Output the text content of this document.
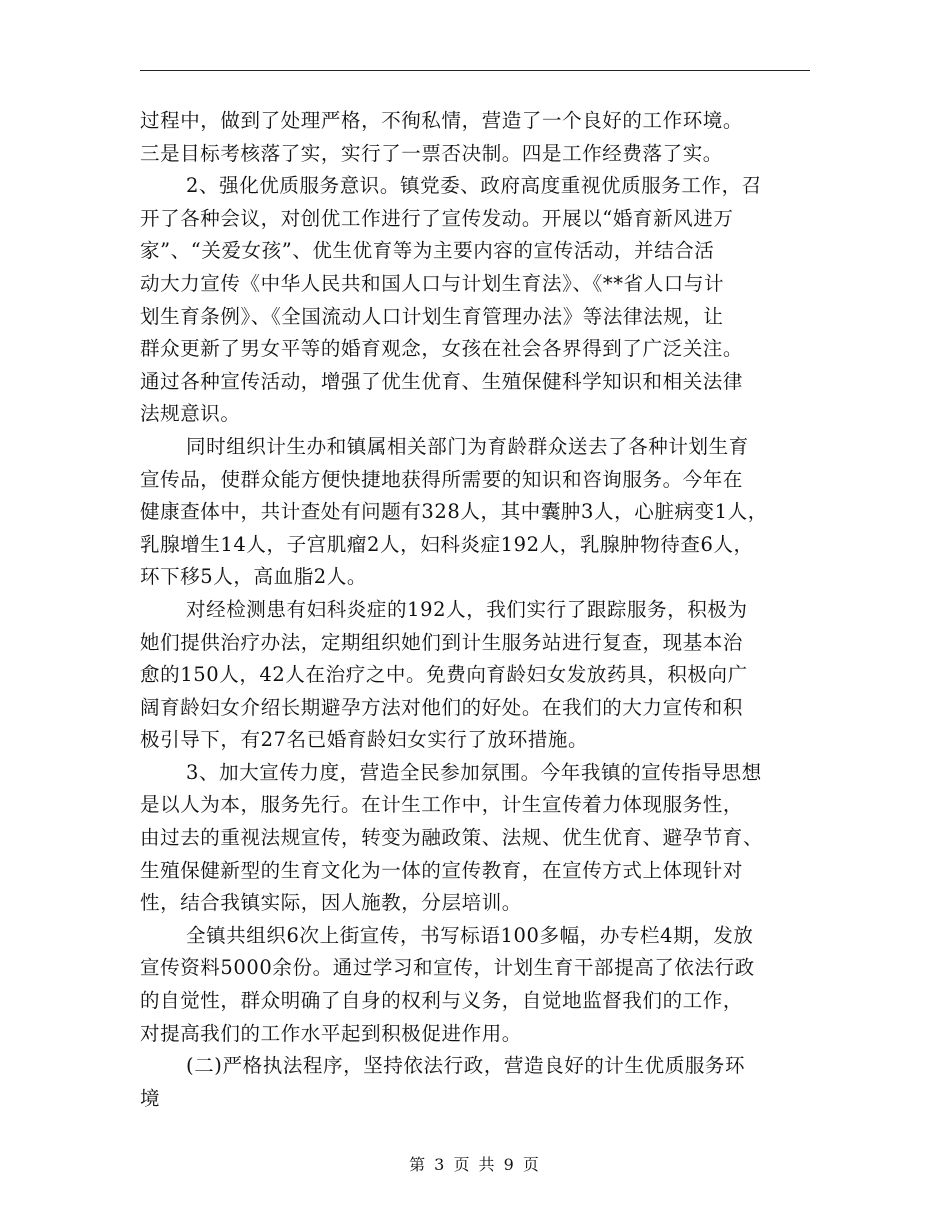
过程中，做到了处理严格，不徇私情，营造了一个良好的工作环境。
三是目标考核落了实，实行了一票否决制。四是工作经费落了实。
2、强化优质服务意识。镇党委、政府高度重视优质服务工作，召
开了各种会议，对创优工作进行了宣传发动。开展以“婚育新风进万
家”、“关爱女孩”、优生优育等为主要内容的宣传活动，并结合活
动大力宣传《中华人民共和国人口与计划生育法》、《**省人口与计
划生育条例》、《全国流动人口计划生育管理办法》等法律法规，让
群众更新了男女平等的婚育观念，女孩在社会各界得到了广泛关注。
通过各种宣传活动，增强了优生优育、生殖保健科学知识和相关法律
法规意识。
同时组织计生办和镇属相关部门为育龄群众送去了各种计划生育
宣传品，使群众能方便快捷地获得所需要的知识和咨询服务。今年在
健康查体中，共计查处有问题有328人，其中囊肿3人，心脏病变1人，
乳腺增生14人，子宫肌瘤2人，妇科炎症192人，乳腺肿物待查6人，
环下移5人，高血脂2人。
对经检测患有妇科炎症的192人，我们实行了跟踪服务，积极为
她们提供治疗办法，定期组织她们到计生服务站进行复查，现基本治
愈的150人，42人在治疗之中。免费向育龄妇女发放药具，积极向广
阔育龄妇女介绍长期避孕方法对他们的好处。在我们的大力宣传和积
极引导下，有27名已婚育龄妇女实行了放环措施。
3、加大宣传力度，营造全民参加氛围。今年我镇的宣传指导思想
是以人为本，服务先行。在计生工作中，计生宣传着力体现服务性，
由过去的重视法规宣传，转变为融政策、法规、优生优育、避孕节育、
生殖保健新型的生育文化为一体的宣传教育，在宣传方式上体现针对
性，结合我镇实际，因人施教，分层培训。
全镇共组织6次上街宣传，书写标语100多幅，办专栏4期，发放
宣传资料5000余份。通过学习和宣传，计划生育干部提高了依法行政
的自觉性，群众明确了自身的权利与义务，自觉地监督我们的工作，
对提高我们的工作水平起到积极促进作用。
(二)严格执法程序，坚持依法行政，营造良好的计生优质服务环
境
第 3 页 共 9 页
